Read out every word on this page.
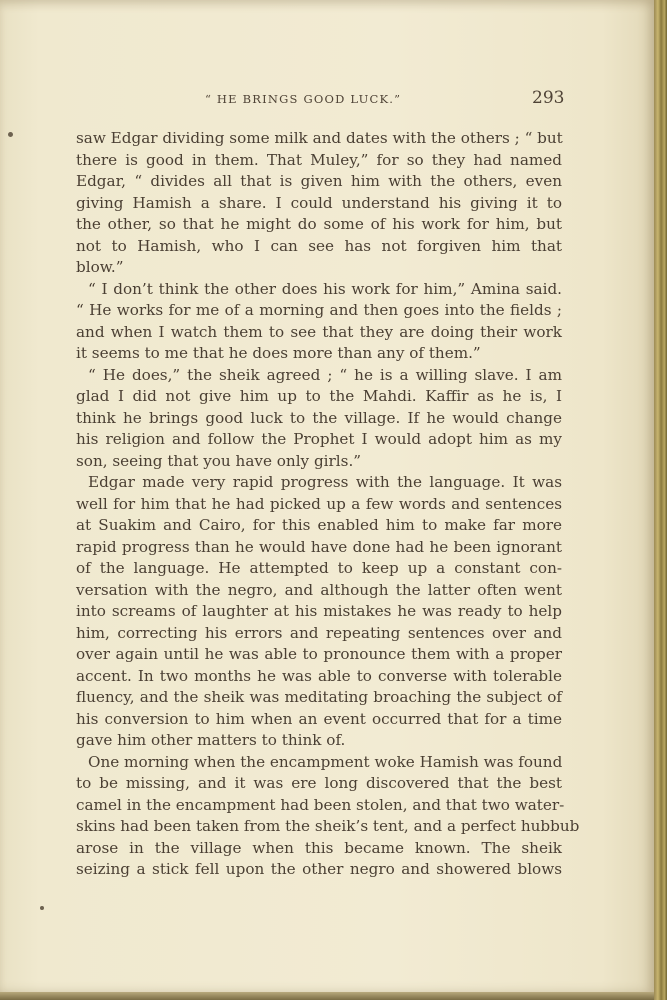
“ HE BRINGS GOOD LUCK.”	293
saw Edgar dividing some milk and dates with the others ; “ but
there is good in them. That Muley,” for so they had named
Edgar, “ divides all that is given him with the others, even
giving Hamish a share. I could understand his giving it to
the other, so that he might do some of his work for him, but
not to Hamish, who I can see has not forgiven him that
blow.”
“ I don’t think the other does his work for him,” Amina said.
“ He works for me of a morning and then goes into the fields ;
and when I watch them to see that they are doing their work
it seems to me that he does more than any of them.”
“ He does,” the sheik agreed ; “ he is a willing slave. I am
glad I did not give him up to the Mahdi. Kaffir as he is, I
think he brings good luck to the village. If he would change
his religion and follow the Prophet I would adopt him as my
son, seeing that you have only girls.”
Edgar made very rapid progress with the language. It was
well for him that he had picked up a few words and sentences
at Suakim and Cairo, for this enabled him to make far more
rapid progress than he would have done had he been ignorant
of the language. He attempted to keep up a constant con-
versation with the negro, and although the latter often went
into screams of laughter at his mistakes he was ready to help
him, correcting his errors and repeating sentences over and
over again until he was able to pronounce them with a proper
accent. In two months he was able to converse with tolerable
fluency, and the sheik was meditating broaching the subject of
his conversion to him when an event occurred that for a time
gave him other matters to think of.
One morning when the encampment woke Hamish was found
to be missing, and it was ere long discovered that the best
camel in the encampment had been stolen, and that two water-
skins had been taken from the sheik’s tent, and a perfect hubbub
arose in the village when this became known. The sheik
seizing a stick fell upon the other negro and showered blows
